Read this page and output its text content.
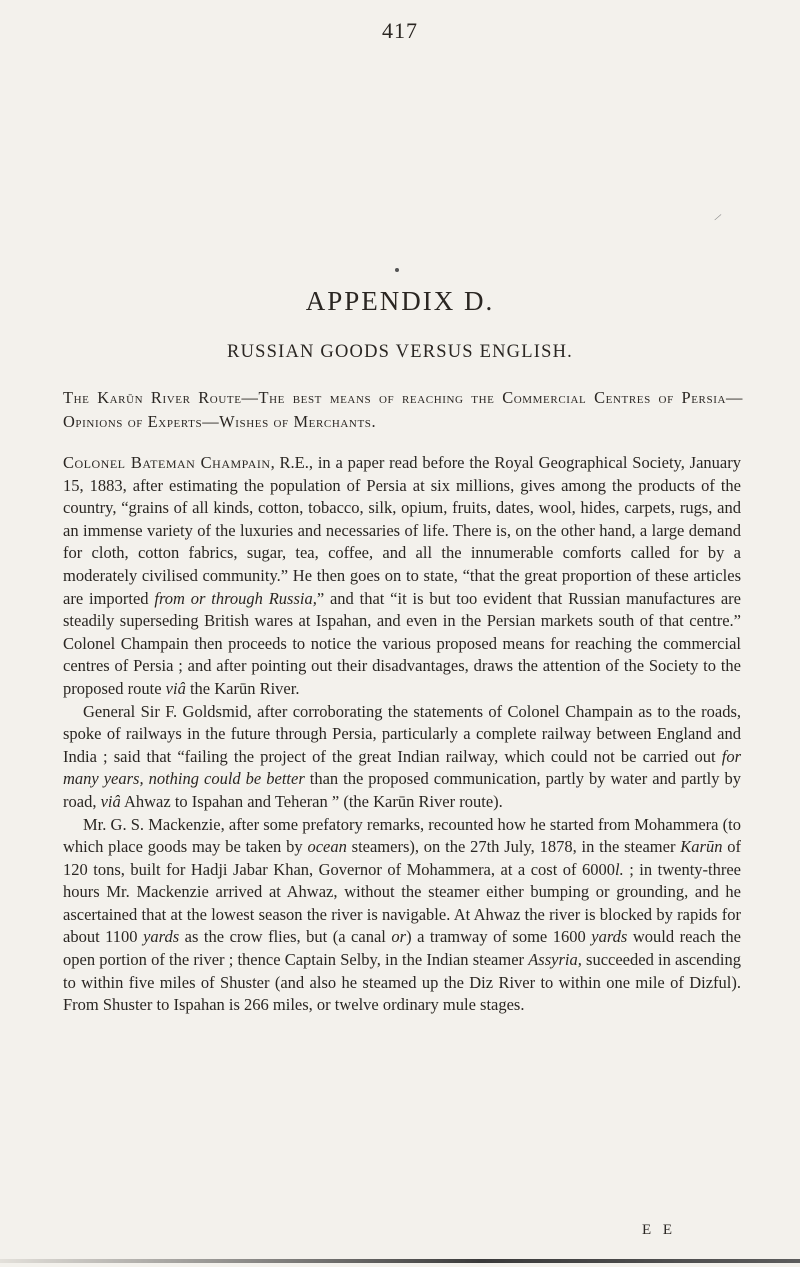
417
/
APPENDIX D.
RUSSIAN GOODS VERSUS ENGLISH.
The Karūn River Route—The best means of reaching the Commercial Centres of Persia—Opinions of Experts—Wishes of Merchants.

Colonel Bateman Champain, R.E., in a paper read before the Royal Geographical Society, January 15, 1883, after estimating the population of Persia at six millions, gives among the products of the country, “grains of all kinds, cotton, tobacco, silk, opium, fruits, dates, wool, hides, carpets, rugs, and an immense variety of the luxuries and necessaries of life. There is, on the other hand, a large demand for cloth, cotton fabrics, sugar, tea, coffee, and all the innumerable comforts called for by a moderately civilised community.” He then goes on to state, “that the great proportion of these articles are imported from or through Russia,” and that “it is but too evident that Russian manufactures are steadily superseding British wares at Ispahan, and even in the Persian markets south of that centre.” Colonel Champain then proceeds to notice the various proposed means for reaching the commercial centres of Persia ; and after pointing out their disadvantages, draws the attention of the Society to the proposed route viâ the Karūn River.

General Sir F. Goldsmid, after corroborating the statements of Colonel Champain as to the roads, spoke of railways in the future through Persia, particularly a complete railway between England and India ; said that “failing the project of the great Indian railway, which could not be carried out for many years, nothing could be better than the proposed communication, partly by water and partly by road, viâ Ahwaz to Ispahan and Teheran ” (the Karūn River route).

Mr. G. S. Mackenzie, after some prefatory remarks, recounted how he started from Mohammera (to which place goods may be taken by ocean steamers), on the 27th July, 1878, in the steamer Karūn of 120 tons, built for Hadji Jabar Khan, Governor of Mohammera, at a cost of 6000l. ; in twenty-three hours Mr. Mackenzie arrived at Ahwaz, without the steamer either bumping or grounding, and he ascertained that at the lowest season the river is navigable. At Ahwaz the river is blocked by rapids for about 1100 yards as the crow flies, but (a canal or) a tramway of some 1600 yards would reach the open portion of the river ; thence Captain Selby, in the Indian steamer Assyria, succeeded in ascending to within five miles of Shuster (and also he steamed up the Diz River to within one mile of Dizful). From Shuster to Ispahan is 266 miles, or twelve ordinary mule stages.

E E
